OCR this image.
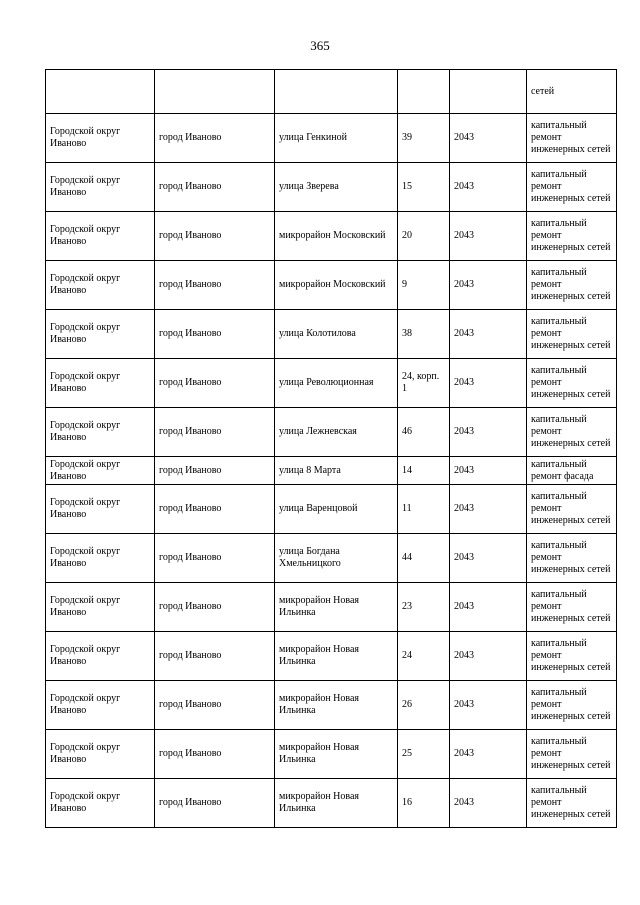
365
					сетей
Городской округ Иваново	город Иваново	улица Генкиной	39	2043	капитальный ремонт инженерных сетей
Городской округ Иваново	город Иваново	улица Зверева	15	2043	капитальный ремонт инженерных сетей
Городской округ Иваново	город Иваново	микрорайон Московский	20	2043	капитальный ремонт инженерных сетей
Городской округ Иваново	город Иваново	микрорайон Московский	9	2043	капитальный ремонт инженерных сетей
Городской округ Иваново	город Иваново	улица Колотилова	38	2043	капитальный ремонт инженерных сетей
Городской округ Иваново	город Иваново	улица Революционная	24, корп. 1	2043	капитальный ремонт инженерных сетей
Городской округ Иваново	город Иваново	улица Лежневская	46	2043	капитальный ремонт инженерных сетей
Городской округ Иваново	город Иваново	улица 8 Марта	14	2043	капитальный ремонт фасада
Городской округ Иваново	город Иваново	улица Варенцовой	11	2043	капитальный ремонт инженерных сетей
Городской округ Иваново	город Иваново	улица Богдана Хмельницкого	44	2043	капитальный ремонт инженерных сетей
Городской округ Иваново	город Иваново	микрорайон Новая Ильинка	23	2043	капитальный ремонт инженерных сетей
Городской округ Иваново	город Иваново	микрорайон Новая Ильинка	24	2043	капитальный ремонт инженерных сетей
Городской округ Иваново	город Иваново	микрорайон Новая Ильинка	26	2043	капитальный ремонт инженерных сетей
Городской округ Иваново	город Иваново	микрорайон Новая Ильинка	25	2043	капитальный ремонт инженерных сетей
Городской округ Иваново	город Иваново	микрорайон Новая Ильинка	16	2043	капитальный ремонт инженерных сетей
